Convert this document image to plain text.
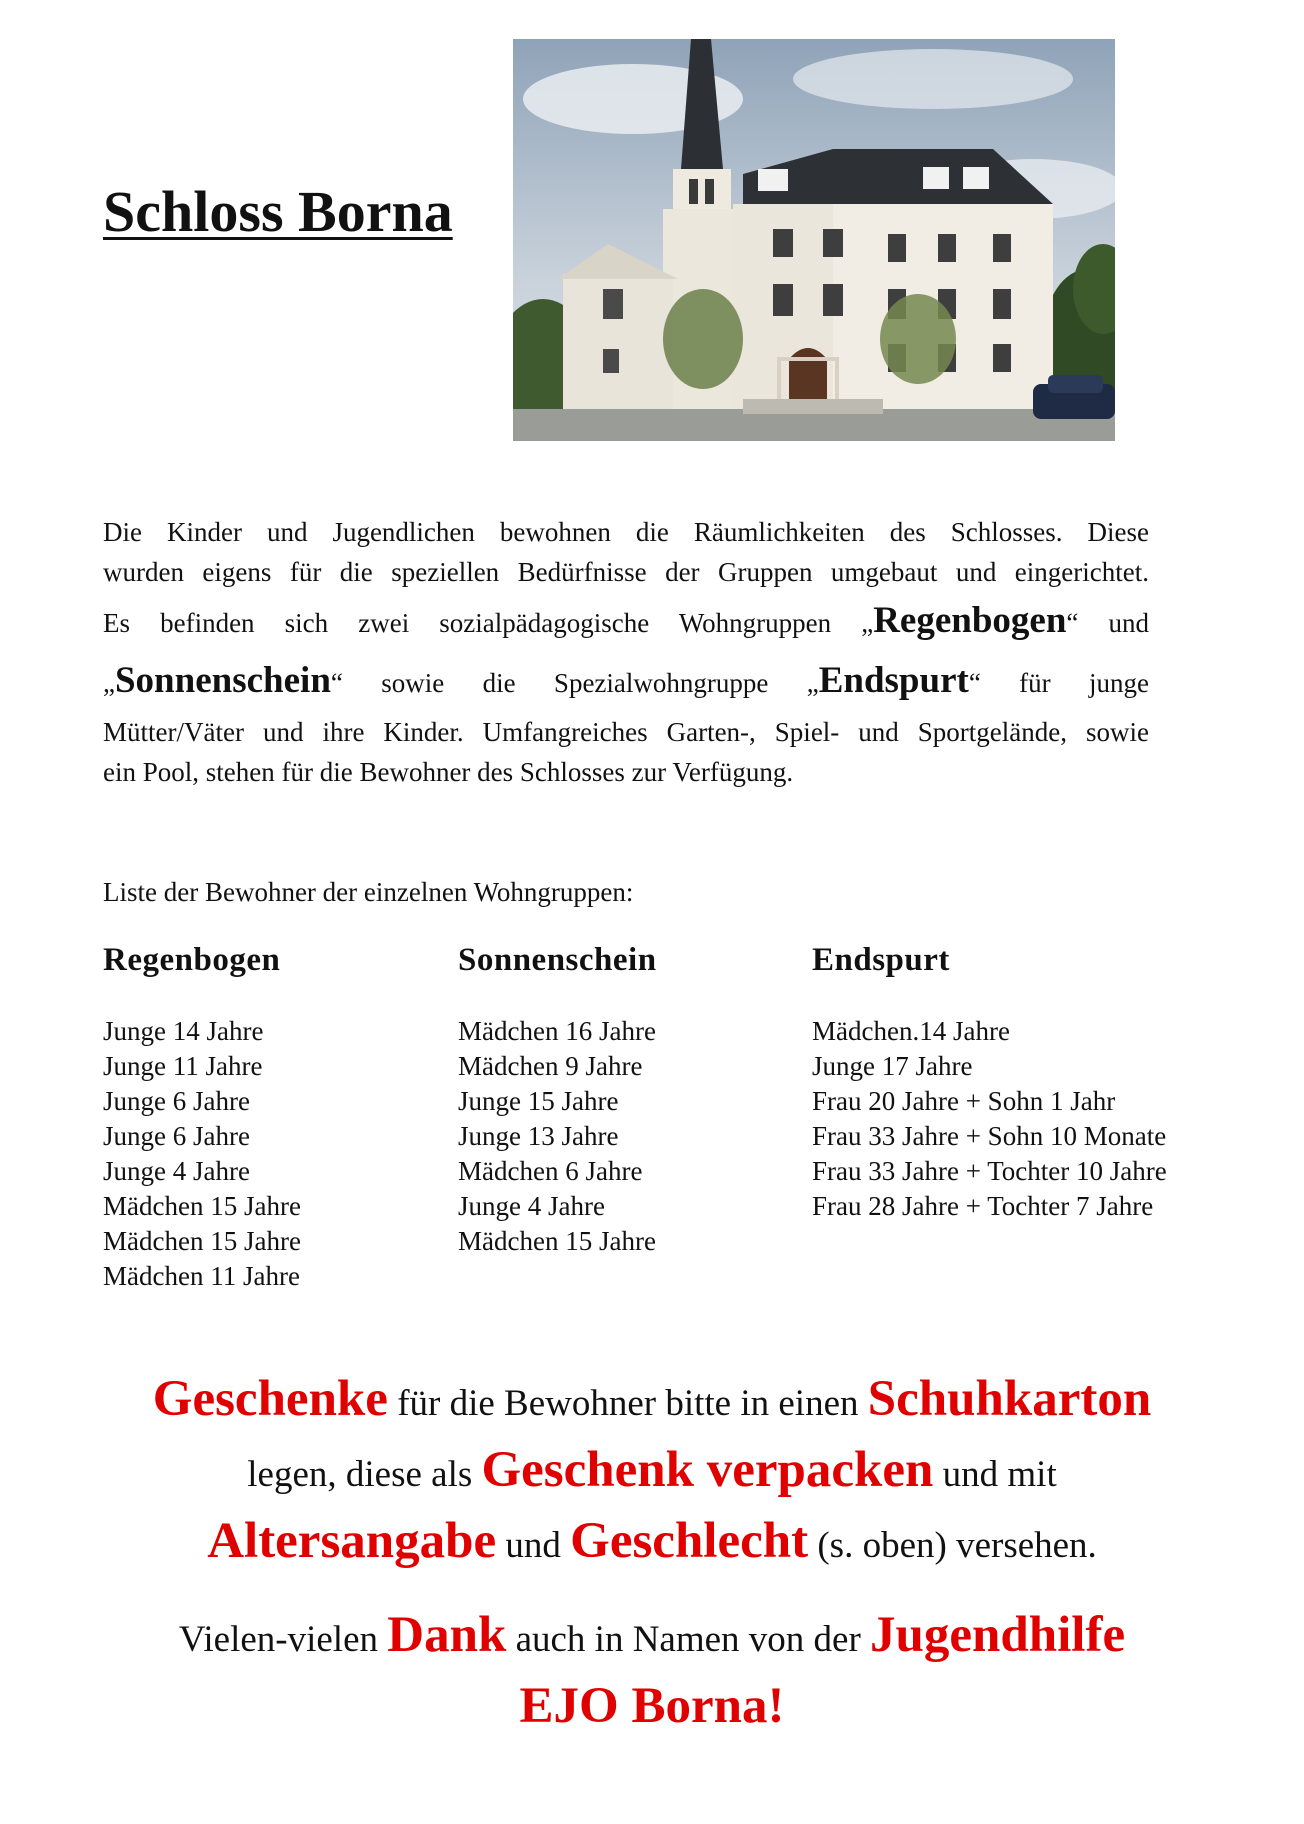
Schloss Borna
Die Kinder und Jugendlichen bewohnen die Räumlichkeiten des Schlosses. Diese
wurden eigens für die speziellen Bedürfnisse der Gruppen umgebaut und eingerichtet.
Es befinden sich zwei sozialpädagogische Wohngruppen „Regenbogen“ und
„Sonnenschein“ sowie die Spezialwohngruppe „Endspurt“ für junge
Mütter/Väter und ihre Kinder. Umfangreiches Garten-, Spiel- und Sportgelände, sowie
ein Pool, stehen für die Bewohner des Schlosses zur Verfügung.
Liste der Bewohner der einzelnen Wohngruppen:
Regenbogen
Junge 14 Jahre
Junge 11 Jahre
Junge 6 Jahre
Junge 6 Jahre
Junge 4 Jahre
Mädchen 15 Jahre
Mädchen 15 Jahre
Mädchen 11 Jahre
Sonnenschein
Mädchen 16 Jahre
Mädchen 9 Jahre
Junge 15 Jahre
Junge 13 Jahre
Mädchen 6 Jahre
Junge 4 Jahre
Mädchen 15 Jahre
Endspurt
Mädchen.14 Jahre
Junge 17 Jahre
Frau 20 Jahre + Sohn 1 Jahr
Frau 33 Jahre + Sohn 10 Monate
Frau 33 Jahre + Tochter 10 Jahre
Frau 28 Jahre + Tochter 7 Jahre
Geschenke für die Bewohner bitte in einen Schuhkarton
legen, diese als Geschenk verpacken und mit
Altersangabe und Geschlecht (s. oben) versehen.
Vielen-vielen Dank auch in Namen von der Jugendhilfe
EJO Borna!
